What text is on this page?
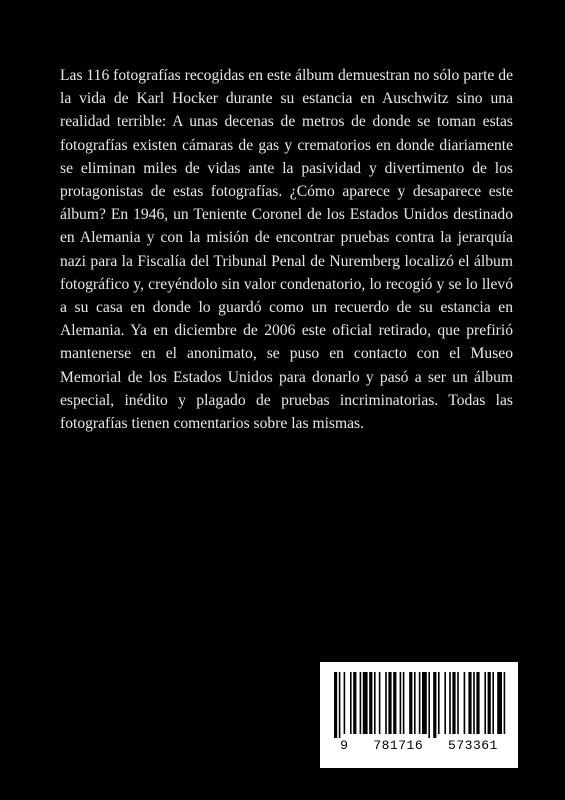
Las 116 fotografías recogidas en este álbum demuestran no sólo parte de la vida de Karl Hocker durante su estancia en Auschwitz sino una realidad terrible: A unas decenas de metros de donde se toman estas fotografías existen cámaras de gas y crematorios en donde diariamente se eliminan miles de vidas ante la pasividad y divertimento de los protagonistas de estas fotografías. ¿Cómo aparece y desaparece este álbum? En 1946, un Teniente Coronel de los Estados Unidos destinado en Alemania y con la misión de encontrar pruebas contra la jerarquía nazi para la Fiscalía del Tribunal Penal de Nuremberg localizó el álbum fotográfico y, creyéndolo sin valor condenatorio, lo recogió y se lo llevó a su casa en donde lo guardó como un recuerdo de su estancia en Alemania. Ya en diciembre de 2006 este oficial retirado, que prefirió mantenerse en el anonimato, se puso en contacto con el Museo Memorial de los Estados Unidos para donarlo y pasó a ser un álbum especial, inédito y plagado de pruebas incriminatorias. Todas las fotografías tienen comentarios sobre las mismas.

9   781716   573361
